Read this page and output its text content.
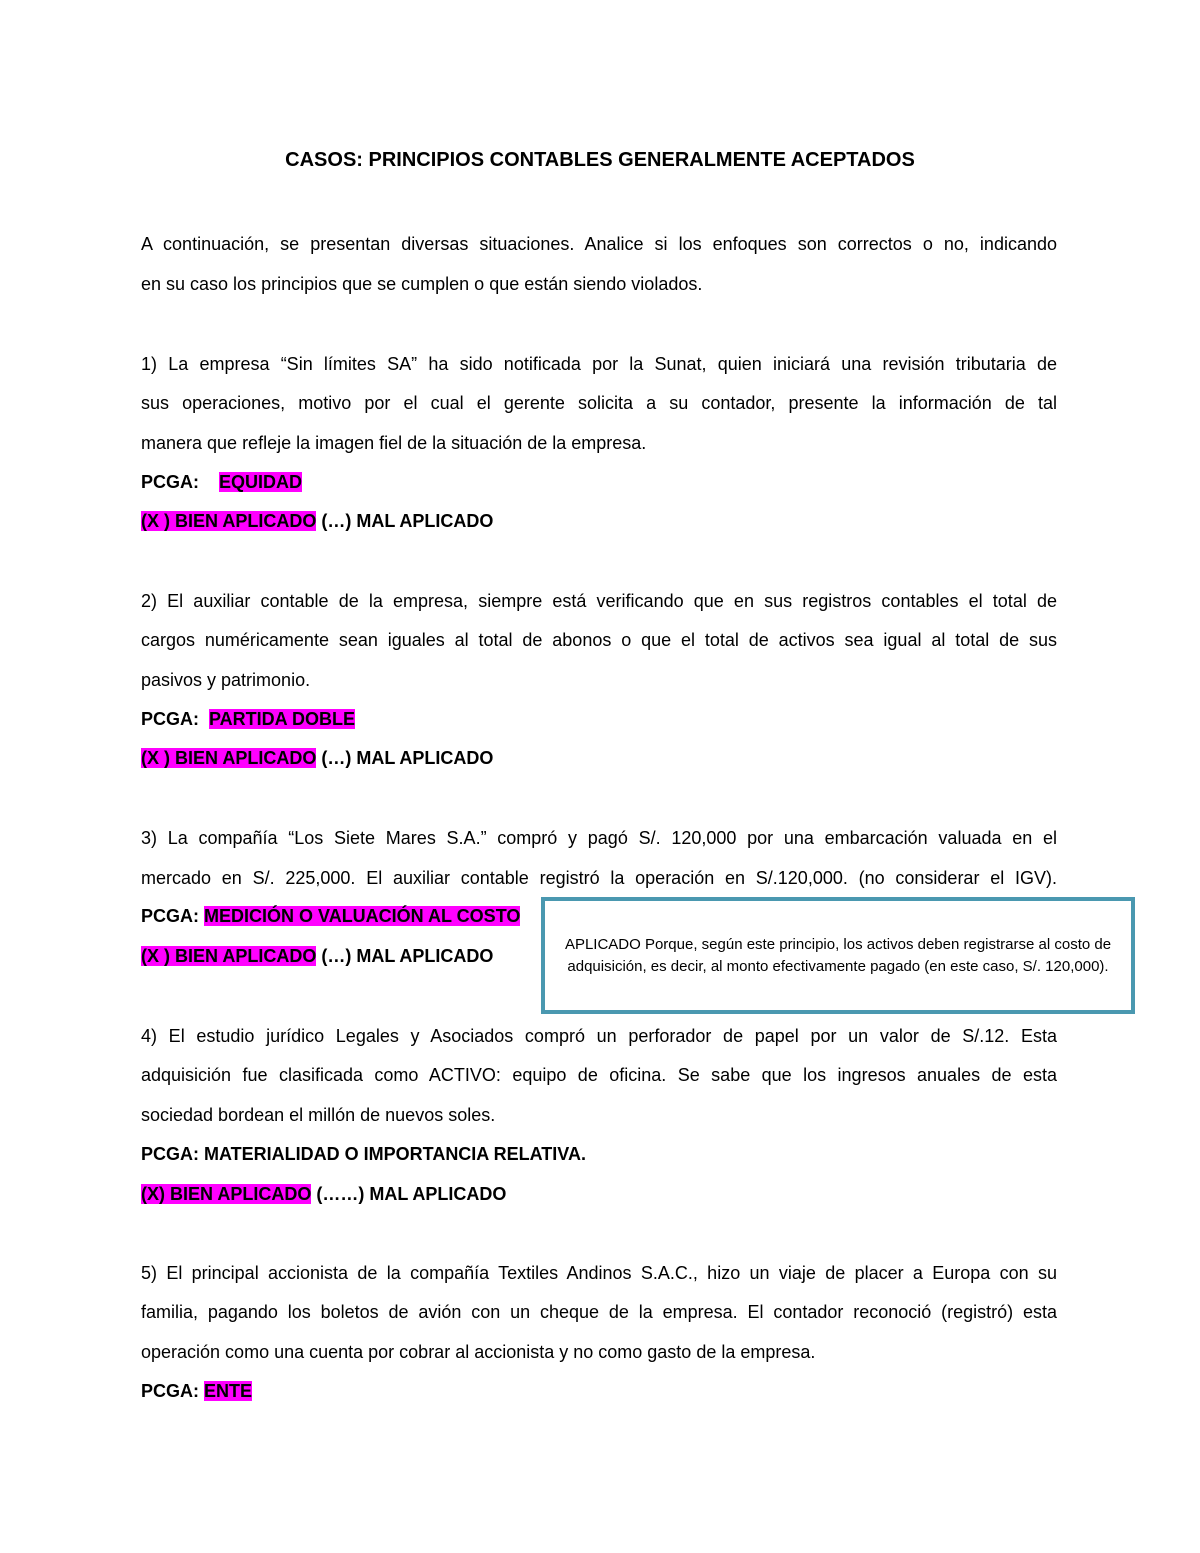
CASOS: PRINCIPIOS CONTABLES GENERALMENTE ACEPTADOS
A continuación, se presentan diversas situaciones. Analice si los enfoques son correctos o no, indicando
en su caso los principios que se cumplen o que están siendo violados.
1) La empresa “Sin límites SA” ha sido notificada por la Sunat, quien iniciará una revisión tributaria de
sus operaciones, motivo por el cual el gerente solicita a su contador, presente la información de tal
manera que refleje la imagen fiel de la situación de la empresa.
PCGA: EQUIDAD
(X ) BIEN APLICADO (…) MAL APLICADO
2) El auxiliar contable de la empresa, siempre está verificando que en sus registros contables el total de
cargos numéricamente sean iguales al total de abonos o que el total de activos sea igual al total de sus
pasivos y patrimonio.
PCGA: PARTIDA DOBLE
(X ) BIEN APLICADO (…) MAL APLICADO
3) La compañía “Los Siete Mares S.A.” compró y pagó S/. 120,000 por una embarcación valuada en el
mercado en S/. 225,000. El auxiliar contable registró la operación en S/.120,000. (no considerar el IGV).
PCGA: MEDICIÓN O VALUACIÓN AL COSTO
(X ) BIEN APLICADO (…) MAL APLICADO
APLICADO Porque, según este principio, los activos deben registrarse al costo de adquisición, es decir, al monto efectivamente pagado (en este caso, S/. 120,000).
4) El estudio jurídico Legales y Asociados compró un perforador de papel por un valor de S/.12. Esta
adquisición fue clasificada como ACTIVO: equipo de oficina. Se sabe que los ingresos anuales de esta
sociedad bordean el millón de nuevos soles.
PCGA: MATERIALIDAD O IMPORTANCIA RELATIVA.
(X) BIEN APLICADO (……) MAL APLICADO
5) El principal accionista de la compañía Textiles Andinos S.A.C., hizo un viaje de placer a Europa con su
familia, pagando los boletos de avión con un cheque de la empresa. El contador reconoció (registró) esta
operación como una cuenta por cobrar al accionista y no como gasto de la empresa.
PCGA: ENTE
